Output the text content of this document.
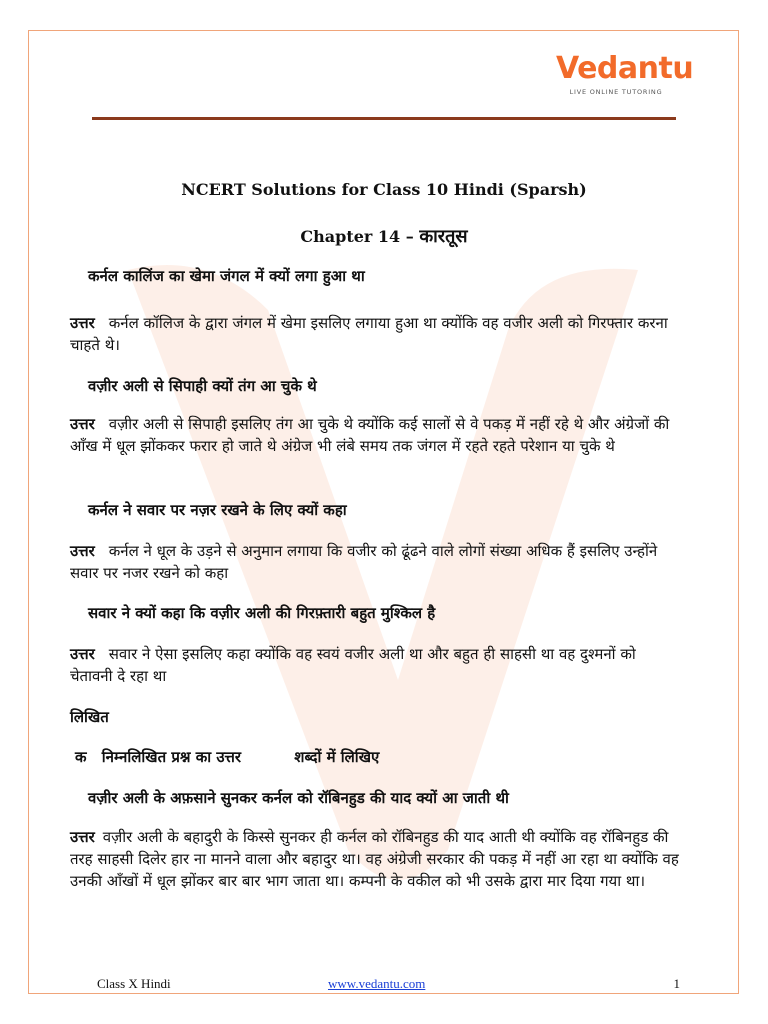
Vedantu
LIVE ONLINE TUTORING
NCERT Solutions for Class 10 Hindi (Sparsh)
Chapter 14 – कारतूस
कर्नल कालिंज का खेमा जंगल में क्यों लगा हुआ था
उत्तर कर्नल कॉलिज के द्वारा जंगल में खेमा इसलिए लगाया हुआ था क्योंकि वह वजीर अली को गिरफ्तार करना चाहते थे।
वज़ीर अली से सिपाही क्यों तंग आ चुके थे
उत्तर वज़ीर अली से सिपाही इसलिए तंग आ चुके थे क्योंकि कई सालों से वे पकड़ में नहीं रहे थे और अंग्रेजों की आँख में धूल झोंककर फरार हो जाते थे अंग्रेज भी लंबे समय तक जंगल में रहते रहते परेशान या चुके थे
कर्नल ने सवार पर नज़र रखने के लिए क्यों कहा
उत्तर कर्नल ने धूल के उड़ने से अनुमान लगाया कि वजीर को ढूंढने वाले लोगों संख्या अधिक हैं इसलिए उन्होंने सवार पर नजर रखने को कहा
सवार ने क्यों कहा कि वज़ीर अली की गिरफ़्तारी बहुत मुश्किल है
उत्तर सवार ने ऐसा इसलिए कहा क्योंकि वह स्वयं वजीर अली था और बहुत ही साहसी था वह दुश्मनों को चेतावनी दे रहा था
लिखित
क निम्नलिखित प्रश्न का उत्तर	शब्दों में लिखिए
वज़ीर अली के अफ़साने सुनकर कर्नल को रॉबिनहुड की याद क्यों आ जाती थी
उत्तर वज़ीर अली के बहादुरी के किस्से सुनकर ही कर्नल को रॉबिनहुड की याद आती थी क्योंकि वह रॉबिनहुड की तरह साहसी दिलेर हार ना मानने वाला और बहादुर था। वह अंग्रेजी सरकार की पकड़ में नहीं आ रहा था क्योंकि वह उनकी आँखों में धूल झोंकर बार बार भाग जाता था। कम्पनी के वकील को भी उसके द्वारा मार दिया गया था।
Class X Hindi	www.vedantu.com	1
